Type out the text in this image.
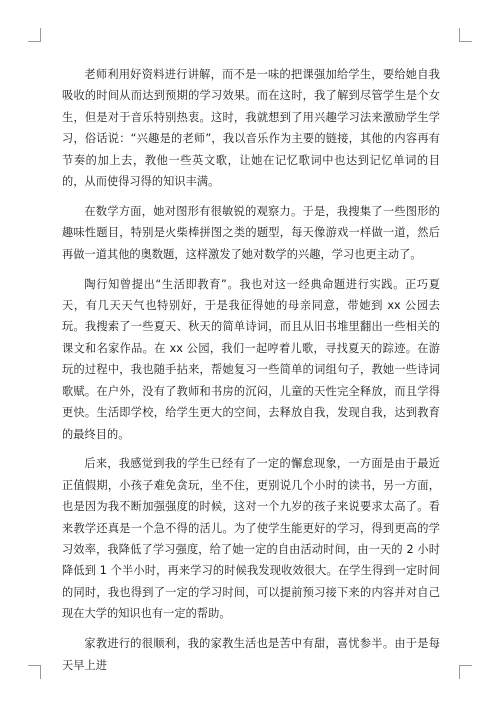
老师利用好资料进行讲解，而不是一味的把课强加给学生，要给她自我吸收的时间从而达到预期的学习效果。而在这时，我了解到尽管学生是个女生，但是对于音乐特别热衷。这时，我就想到了用兴趣学习法来激励学生学习，俗话说：“兴趣是的老师”，我以音乐作为主要的链接，其他的内容再有节奏的加上去，教他一些英文歌，让她在记忆歌词中也达到记忆单词的目的，从而使得习得的知识丰满。

在数学方面，她对图形有很敏锐的观察力。于是，我搜集了一些图形的趣味性题目，特别是火柴棒拼图之类的题型，每天像游戏一样做一道，然后再做一道其他的奥数题，这样激发了她对数学的兴趣，学习也更主动了。

陶行知曾提出“生活即教育”。我也对这一经典命题进行实践。正巧夏天，有几天天气也特别好，于是我征得她的母亲同意，带她到 xx 公园去玩。我搜索了一些夏天、秋天的简单诗词，而且从旧书堆里翻出一些相关的课文和名家作品。在 xx 公园，我们一起哼着儿歌，寻找夏天的踪迹。在游玩的过程中，我也随手拈来，帮她复习一些简单的词组句子，教她一些诗词歌赋。在户外，没有了教师和书房的沉闷，儿童的天性完全释放，而且学得更快。生活即学校，给学生更大的空间，去释放自我，发现自我，达到教育的最终目的。

后来，我感觉到我的学生已经有了一定的懈怠现象，一方面是由于最近正值假期，小孩子难免贪玩，坐不住，更别说几个小时的读书，另一方面，也是因为我不断加强强度的时候，这对一个九岁的孩子来说要求太高了。看来教学还真是一个急不得的活儿。为了使学生能更好的学习，得到更高的学习效率，我降低了学习强度，给了她一定的自由活动时间，由一天的 2 小时降低到 1 个半小时，再来学习的时候我发现收效很大。在学生得到一定时间的同时，我也得到了一定的学习时间，可以提前预习接下来的内容并对自己现在大学的知识也有一定的帮助。

家教进行的很顺利，我的家教生活也是苦中有甜，喜忧参半。由于是每天早上进
